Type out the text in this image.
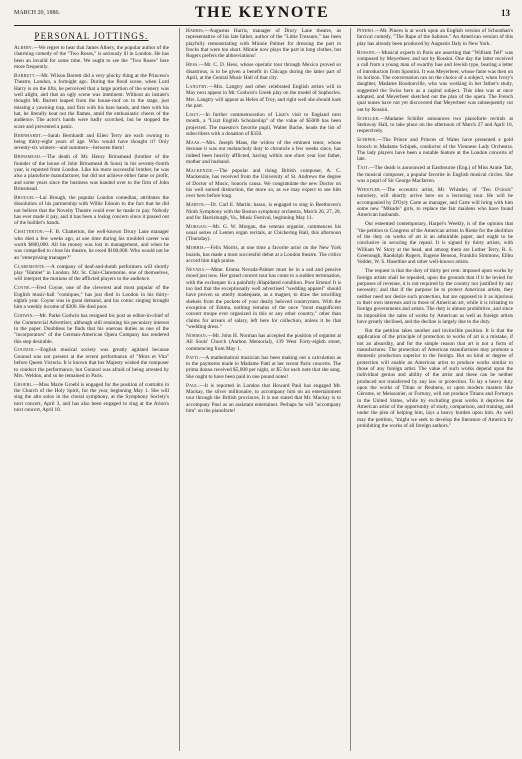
MARCH 20, 1886.	THE KEYNOTE	13
PERSONAL JOTTINGS.

Albery.—We regret to hear that James Albery, the popular author of the charming comedy of the "Two Roses," is seriously ill in London. He has been an invalid for some time. We ought to see the "Two Roses" here more frequently.

Barrett.—Mr. Wilson Barrett did a very plucky thing at the Princess's Theatre, London, a fortnight ago. During the flood scene, when Lord Harry is on the lifts, he perceived that a large portion of the scenery was well alight, and that an ugly scene was imminent. Without an instant's thought Mr. Barrett leaped from the house-roof on to the stage, just missing a yawning trap, and first with his bare hands, and then with his hat, he literally beat out the flames, amid the enthusiastic cheers of the audience. The actor's hands were badly scorched, but he stopped the scare and prevented a panic.

Bernhardt.—Sarah Bernhardt and Ellen Terry are each owning to being thirty-eight years of age. Who would have thought it? Only seventy-six winters—and summers—between them!

Brinsmead.—The death of Mr. Henry Brinsmead (brother of the founder of the house of John Brinsmead & Sons) in his seventy-fourth year, is reported from London. Like his more successful brother, he was also a pianoforte manufacturer, but did not achieve either fame or profit, and some years since the business was handed over to the firm of John Brinsmead.

Brough.—Lal Brough, the popular London comedian, attributes the dissolution of his partnership with Willie Edouin to the fact that he did not believe that the Novelty Theatre could ever be made to pay. Nobody has ever made it pay, and it has been a losing concern since it passed out of the builder's hands.

Chatterton.—F. B. Chatterton, the well-known Drury Lane manager who died a few weeks ago, at one time during his troubled career was worth $800,000. All his money was lost in management, and when he was compelled to close his theatre, he owed $180,000. Who would not be an "enterprising manager?"

Claremonte.—A company of deaf-and-dumb performers will shortly play "Hamlet" in London. Mr. St. Clair-Claremonte, one of themselves, will interpret the motions of the afflicted players to the audience.

Coyne.—Fred Coyne, one of the cleverest and most popular of the English music-hall "comiques," has just died in London in his thirty-eighth year. Coyne was in great demand, and his comic singing brought him a weekly income of $300. He died poor.

Godwin.—Mr. Parke Godwin has resigned his post as editor-in-chief of the Commercial Advertiser, although still retaining his pecuniary interest in the paper. Doubtless he finds that his onerous duties as one of the "incorporators" of the German-American Opera Company has rendered this step desirable.

Gounod.—English musical society was greatly agitated because Gounod was not present at the recent performance of "Mors et Vita" before Queen Victoria. It is known that her Majesty wished the composer to conduct the performance, but Gounod was afraid of being arrested by Mrs. Weldon, and so he remained in Paris.

Groebl.—Miss Marie Groebl is engaged for the position of contralto in the Church of the Holy Spirit, for the year, beginning May 1. She will sing the alto solos in the choral symphony, at the Symphony Society's next concert, April 3, and has also been engaged to sing at the Arion's next concert, April 18.

Harris.—Augustus Harris, manager of Drury Lane theatre, as representative of his late father, author of the "Little Treasure," has been playfully remonstrating with Minnie Palmer for dressing the part in frocks that were too short. Minnie now plays the part in long clothes, but Rogers prefers the abbreviations!

Hess.—Mr. C. D. Hess, whose operatic tour through Mexico proved so disastrous, is to be given a benefit in Chicago during the latter part of April, at the Central Music Hall of that city.

Langtry.—Mrs. Langtry and other celebrated English artists will in May next appear in Mr. Godwin's Greek play on the model of Sophocles. Mrs. Langtry will appear as Helen of Troy, and right well she should look the part.

Liszt.—In further commemoration of Liszt's visit to England next month, a "Liszt English Scholarship" of the value of $5000 has been projected. The maestro's favorite pupil, Walter Bache, heads the list of subscribers with a donation of $350.

Maas.—Mrs. Joseph Maas, the widow of the eminent tenor, whose decease it was our melancholy duty to chronicle a few weeks since, has indeed been heavily afflicted, having within one short year lost father, mother and husband.

Mackenzie.—The popular and rising British composer, A. C. Mackenzie, has received from the University of St. Andrews the degree of Doctor of Music, honoris causa. We congratulate the new Doctor on his well earned distinction, the more so, as we may expect to see him over here before long.

Martin.—Dr. Carl E. Martin, basso, is engaged to sing in Beethoven's Ninth Symphony with the Boston symphony orchestra, March 26, 27, 28, and for Harrisburgh, Va., Music Festival, beginning May 11.

Morgan.—Mr. G. W. Morgan, the veteran organist, commences his usual series of Lenten organ recitals, at Chickering Hall, this afternoon (Thursday).

Morris.—Felix Morris, at one time a favorite actor on the New York boards, has made a most successful debut at a London theatre. The critics accord him high praise.

Nevada.—Mme. Emma Nevada-Palmer must be in a sad and pensive mood just now. Her grand concert tour has come to a sudden termination, with the exchequer in a painfully dilapidated condition. Poor Emma! It is too bad that the exceptionally well advertised "wedding apparel" should have proven so utterly inadequate, as a magnet, to draw the unwilling shekels from the pockets of your dearly beloved countrymen. With the exception of Emma, nothing remains of the once "most magnificent concert troupe ever organized in this or any other country," other than claims for arrears of salary, left here for collection, unless it be that "wedding dress."

Norman.—Mr. John H. Norman has accepted the position of organist at All Souls' Church (Anthon Memorial), 139 West Forty-eighth street, commencing from May 1.

Patti.—A mathematical musician has been making out a calculation as to the payments made to Madame Patti at her recent Paris concerts. The prima donna received $5,000 per night, or $5 for each note that she sang. She ought to have been paid in one pound notes!

Paul.—It is reported in London that Howard Paul has engaged Mr. Mackay, the silver millionaire, to accompany him on an entertainment tour through the British provinces. It is not stated that Mr. Mackay is to accompany Paul as an assistant entertainer. Perhaps he will "accompany him" on the pianoforte!

Pinero.—Mr. Pinero is at work upon an English version of Schonthan's farcical comedy, "The Rape of the Sabines." An American version of this play has already been produced by Augustin Daly in New York.

Rossini.—Musical experts in Paris are asserting that "William Tell" was composed by Meyerbeer, and not by Rossini. One day the latter received a call from a young man of swarthy hue and Jewish type, bearing a letter of introduction from Spontini. It was Meyerbeer, whose fame was then on its horizon. The conversation ran on the choice of a subject, when Ivory's daughter, Madame Boudonville, who was working in her father's study, suggested the Swiss hero as a capital subject. This idea was at once adopted, and Meyerbeer sketched out the plan of the opera. The French qual nunes have not yet discovered that Meyerbeer was subsequently cut out by Rossini.

Schiller.—Madame Schiller announces two pianoforte recitals at Steinway Hall, to take place on the afternoon of March 27 and April 10, respectively.

Schipek.—The Prince and Princes of Wales have presented a gold brooch to Madame Schipek, conductor of the Viennese Lady Orchestra. The lady players have been a notable feature at the London concerts of late.

Tait.—The death is announced at Eastbourne (Eng.) of Miss Annie Tait, the musical composer, a popular favorite in English musical circles. She was a pupil of Sir George Macfarren.

Whistler.—The eccentric artist, Mr. Whistler, of "Ten O'clock" notoriety, will shortly arrive here on a lecturing tour. He will be accompanied by D'Oyly Carte as manager, and Carte will bring with him some new "Mikado" girls, to replace the fair maidens who have found American husbands.

Our esteemed contemporary, Harper's Weekly, is of the opinion that "the petition to Congress of the American artists in Rome for the abolition of the duty on works of art is an admirable paper, and ought to be conclusive in securing the repeal. It is signed by thirty artists, with William W. Story at the head, and among them are Luther Terry, R. S. Greenough, Randolph Rogers, Eugene Benson, Franklin Simmons, Elihu Vedder, W. S. Haseltine and other well-known artists.

The request is that the duty of thirty per cent. imposed upon works by foreign artists shall be repealed, upon the grounds that if it be levied for purposes of revenue, it is not required by the country nor justified by any necessity; and that if the purpose be to protect American artists, they neither need nor desire such protection, but are opposed to it as injurious to their own interests and to those of American art, while it is irritating to foreign governments and artists. The duty is almost prohibitive, and since its imposition the sales of works by American as well as foreign artists have greatly declined, and the decline is largely due to the duty.

But the petition takes another and invincible position. It is that the application of the principle of protection to works of art is a mistake, if not an absurdity, and for the simple reason that art is not a form of manufactures. The protection of American manufactures may promote a domestic production superior to the foreign. But no kind or degree of protection will enable an American artist to produce works similar to those of any foreign artist. The value of such works depend upon the individual genius and ability of the artist and these can be neither produced nor transferred by any law or protection. To lay a heavy duty upon the works of Titian or Reubens, or upon modern masters like Gérome, or Meissonier, or Fortuny, will not produce Titians and Fortunys in the United States, while by excluding great works it deprives the American artist of the opportunity of study, comparison, and training, and under the plea of helping him, lays a heavy burden upon him. As well may the petition, "might we seek to develop the literature of America by prohibiting the works of all foreign authors."
